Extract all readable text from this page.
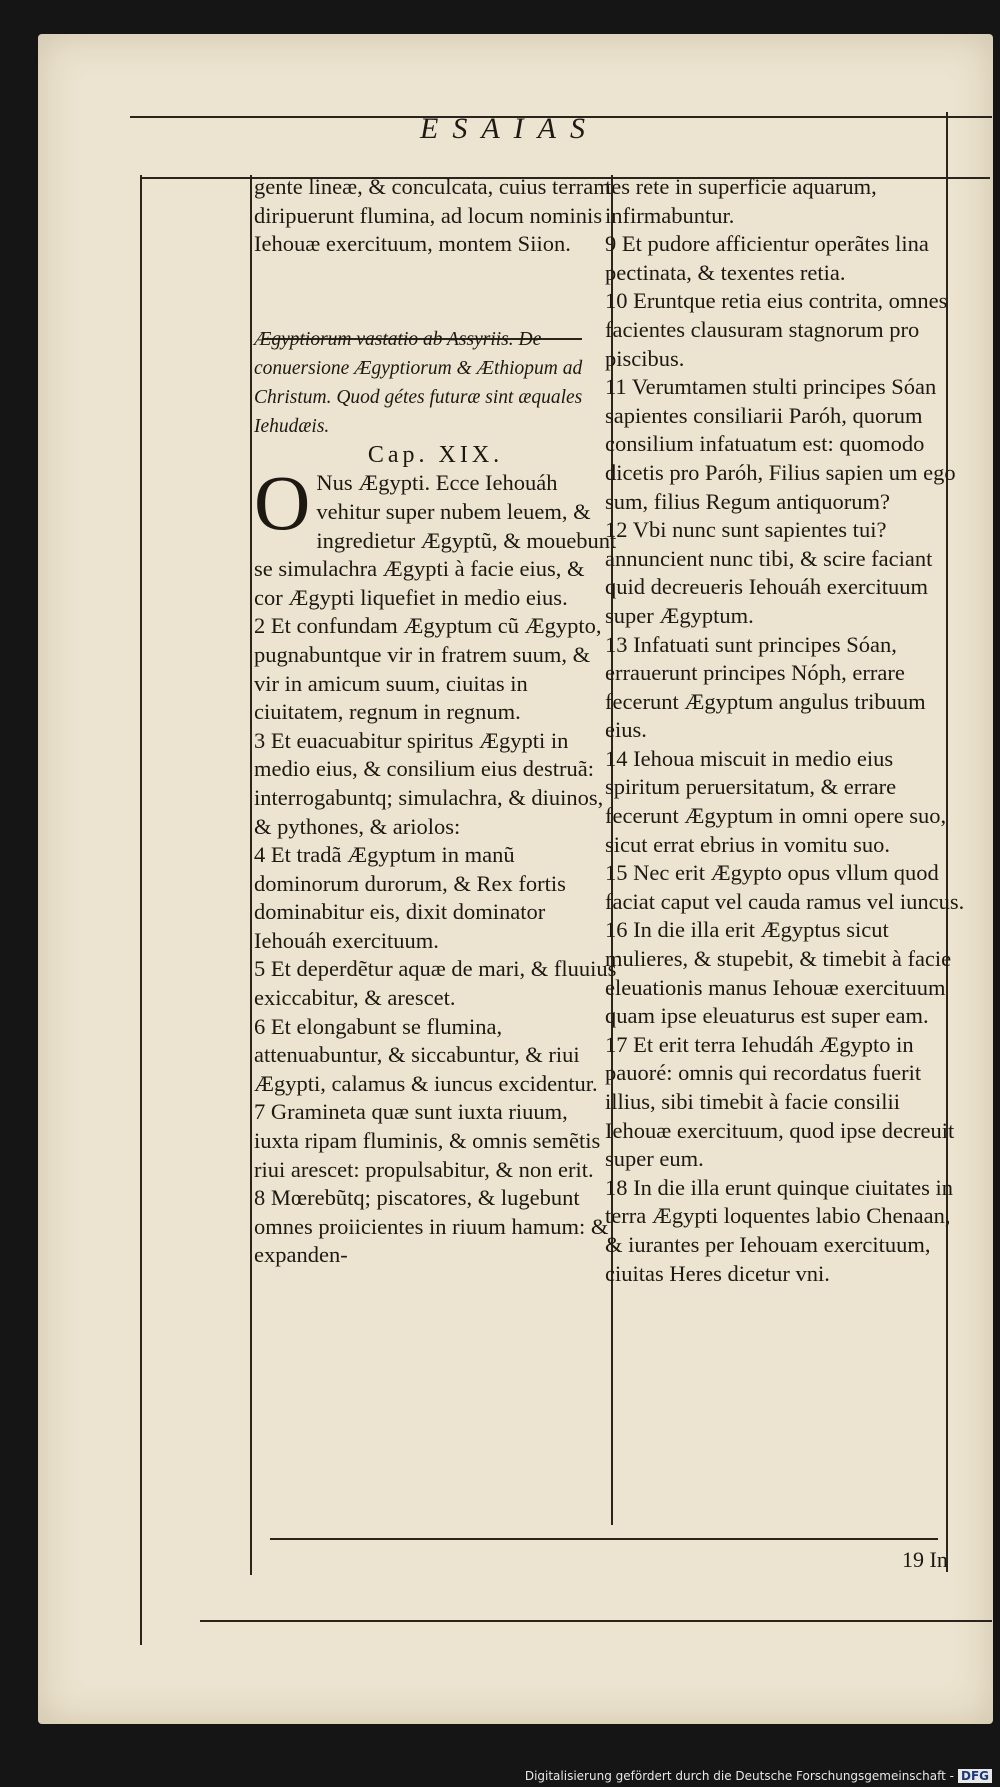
ESAIAS

gente lineæ, & conculcata, cuius terram diripuerunt flumina, ad locum nominis Iehouæ exercituum, montem Siion.

Ægyptiorum vastatio ab Assyriis. De conuersione Ægyptiorum & Æthiopum ad Christum. Quod gétes futuræ sint æquales Iehudæis.

Cap. XIX.

O Nus Ægypti. Ecce Iehouáh vehitur super nubem leuem, & ingredietur Ægyptũ, & mouebunt se simulachra Ægypti à facie eius, & cor Ægypti liquefiet in medio eius.

2 Et confundam Ægyptum cũ Ægypto, pugnabuntque vir in fratrem suum, & vir in amicum suum, ciuitas in ciuitatem, regnum in regnum.

3 Et euacuabitur spiritus Ægypti in medio eius, & consilium eius destruã: interrogabuntq; simulachra, & diuinos, & pythones, & ariolos:

4 Et tradã Ægyptum in manũ dominorum durorum, & Rex fortis dominabitur eis, dixit dominator Iehouáh exercituum.

5 Et deperdẽtur aquæ de mari, & fluuius exiccabitur, & arescet.

6 Et elongabunt se flumina, attenuabuntur, & siccabuntur, & riui Ægypti, calamus & iuncus excidentur.

7 Gramineta quæ sunt iuxta riuum, iuxta ripam fluminis, & omnis semẽtis riui arescet: propulsabitur, & non erit.

8 Mœrebũtq; piscatores, & lugebunt omnes proiicientes in riuum hamum: & expanden-

tes rete in superficie aquarum, infirmabuntur.

9 Et pudore afficientur operãtes lina pectinata, & texentes retia.

10 Eruntque retia eius contrita, omnes facientes clausuram stagnorum pro piscibus.

11 Verumtamen stulti principes Sóan sapientes consiliarii Paróh, quorum consilium infatuatum est: quomodo dicetis pro Paróh, Filius sapien um ego sum, filius Regum antiquorum?

12 Vbi nunc sunt sapientes tui? annuncient nunc tibi, & scire faciant quid decreueris Iehouáh exercituum super Ægyptum.

13 Infatuati sunt principes Sóan, errauerunt principes Nóph, errare fecerunt Ægyptum angulus tribuum eius.

14 Iehoua miscuit in medio eius spiritum peruersitatum, & errare fecerunt Ægyptum in omni opere suo, sicut errat ebrius in vomitu suo.

15 Nec erit Ægypto opus vllum quod faciat caput vel cauda ramus vel iuncus.

16 In die illa erit Ægyptus sicut mulieres, & stupebit, & timebit à facie eleuationis manus Iehouæ exercituum quam ipse eleuaturus est super eam.

17 Et erit terra Iehudáh Ægypto in pauoré: omnis qui recordatus fuerit illius, sibi timebit à facie consilii Iehouæ exercituum, quod ipse decreuit super eum.

18 In die illa erunt quinque ciuitates in terra Ægypti loquentes labio Chenaan, & iurantes per Iehouam exercituum, ciuitas Heres dicetur vni.

19 In
Digitalisierung gefördert durch die Deutsche Forschungsgemeinschaft - DFG
